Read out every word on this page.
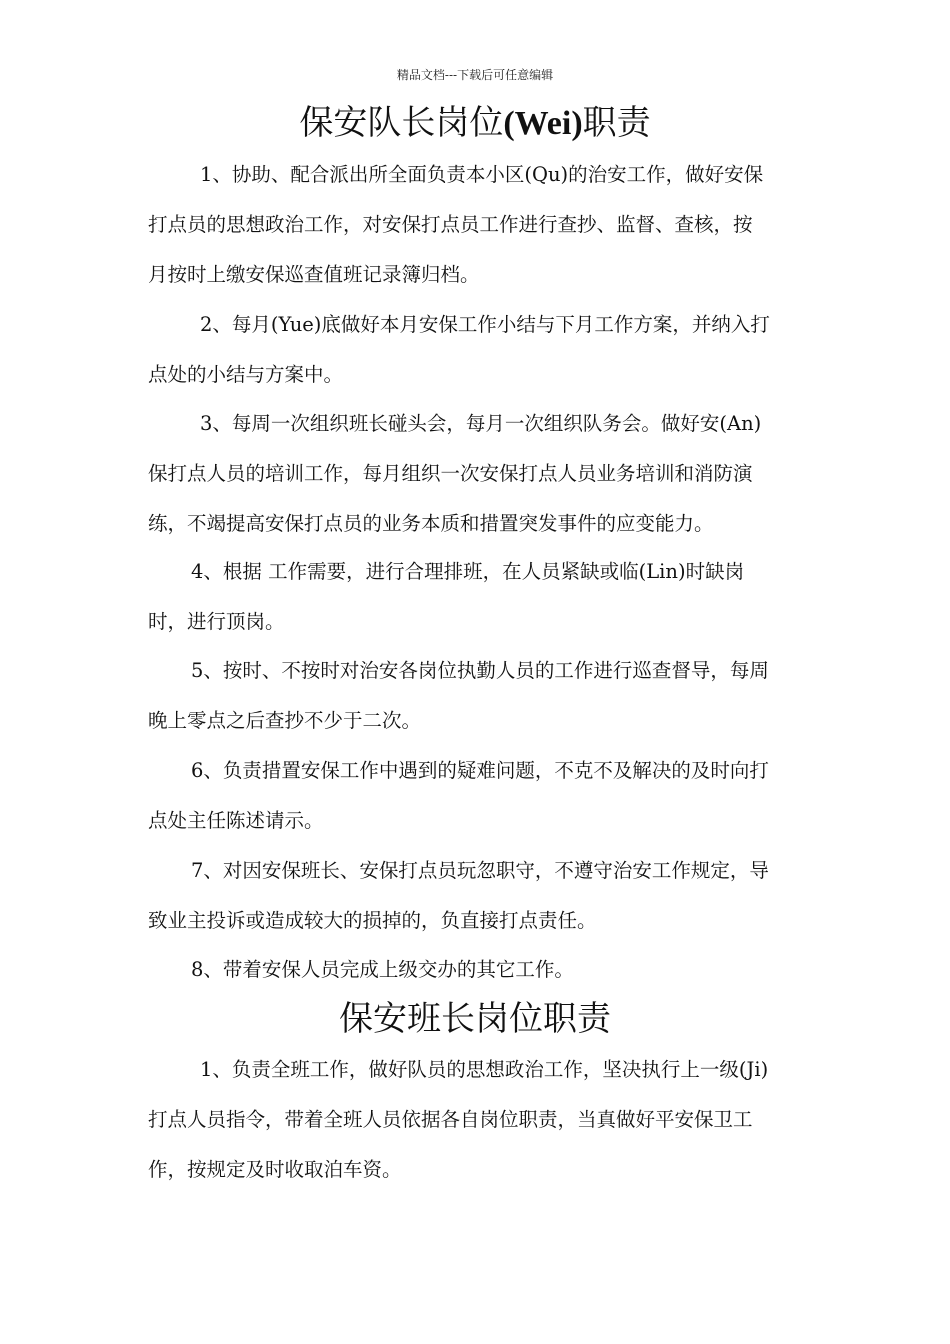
精品文档---下载后可任意编辑
保安队长岗位(Wei)职责
1、协助、配合派出所全面负责本小区(Qu)的治安工作，做好安保
打点员的思想政治工作，对安保打点员工作进行查抄、监督、查核，按
月按时上缴安保巡查值班记录簿归档。
2、每月(Yue)底做好本月安保工作小结与下月工作方案，并纳入打
点处的小结与方案中。
3、每周一次组织班长碰头会，每月一次组织队务会。做好安(An)
保打点人员的培训工作，每月组织一次安保打点人员业务培训和消防演
练，不竭提高安保打点员的业务本质和措置突发事件的应变能力。
4、根据 工作需要，进行合理排班，在人员紧缺或临(Lin)时缺岗
时，进行顶岗。
5、按时、不按时对治安各岗位执勤人员的工作进行巡查督导，每周
晚上零点之后查抄不少于二次。
6、负责措置安保工作中遇到的疑难问题，不克不及解决的及时向打
点处主任陈述请示。
7、对因安保班长、安保打点员玩忽职守，不遵守治安工作规定，导
致业主投诉或造成较大的损掉的，负直接打点责任。
8、带着安保人员完成上级交办的其它工作。
保安班长岗位职责
1、负责全班工作，做好队员的思想政治工作，坚决执行上一级(Ji)
打点人员指令，带着全班人员依据各自岗位职责，当真做好平安保卫工
作，按规定及时收取泊车资。
